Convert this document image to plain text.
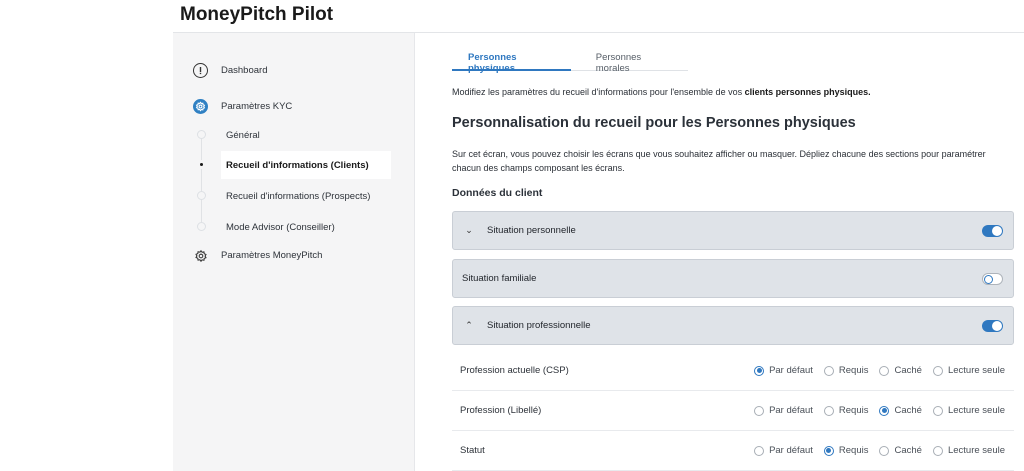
MoneyPitch Pilot
Dashboard
Paramètres KYC
Général
Recueil d'informations (Clients)
Recueil d'informations (Prospects)
Mode Advisor (Conseiller)
Paramètres MoneyPitch
Personnes physiques
Personnes morales
Modifiez les paramètres du recueil d'informations pour l'ensemble de vos clients personnes physiques.
Personnalisation du recueil pour les Personnes physiques
Sur cet écran, vous pouvez choisir les écrans que vous souhaitez afficher ou masquer. Dépliez chacune des sections pour paramétrer chacun des champs composant les écrans.
Données du client
⌄	Situation personnelle
Situation familiale
⌃	Situation professionnelle
Profession actuelle (CSP)	Par défaut	Requis	Caché	Lecture seule
Profession (Libellé)	Par défaut	Requis	Caché	Lecture seule
Statut	Par défaut	Requis	Caché	Lecture seule
